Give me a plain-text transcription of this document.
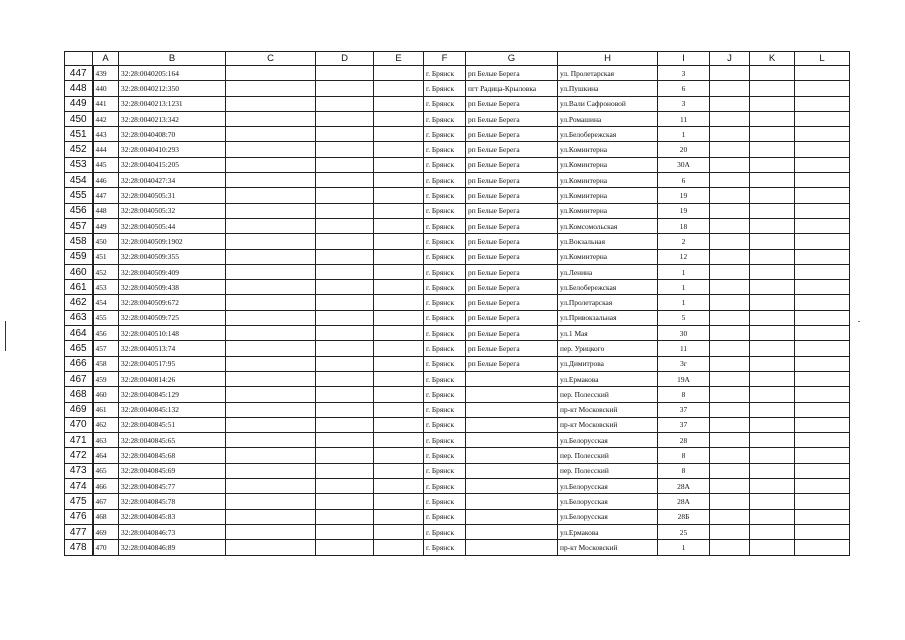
	A	B	C	D	E	F	G	H	I	J	K	L
447	439	32:28:0040205:164				г. Брянск	рп Белые Берега	ул. Пролетарская	3			
448	440	32:28:0040212:350				г. Брянск	пгт Радица-Крыловка	ул.Пушкина	6			
449	441	32:28:0040213:1231				г. Брянск	рп Белые Берега	ул.Вали Сафроновой	3			
450	442	32:28:0040213:342				г. Брянск	рп Белые Берега	ул.Ромашина	11			
451	443	32:28:0040408:70				г. Брянск	рп Белые Берега	ул.Белобережская	1			
452	444	32:28:0040410:293				г. Брянск	рп Белые Берега	ул.Коминтерна	20			
453	445	32:28:0040415:205				г. Брянск	рп Белые Берега	ул.Коминтерна	30А			
454	446	32:28:0040427:34				г. Брянск	рп Белые Берега	ул.Коминтерна	6			
455	447	32:28:0040505:31				г. Брянск	рп Белые Берега	ул.Коминтерна	19			
456	448	32:28:0040505:32				г. Брянск	рп Белые Берега	ул.Коминтерна	19			
457	449	32:28:0040505:44				г. Брянск	рп Белые Берега	ул.Комсомольская	18			
458	450	32:28:0040509:1902				г. Брянск	рп Белые Берега	ул.Вокзальная	2			
459	451	32:28:0040509:355				г. Брянск	рп Белые Берега	ул.Коминтерна	12			
460	452	32:28:0040509:409				г. Брянск	рп Белые Берега	ул.Ленина	1			
461	453	32:28:0040509:438				г. Брянск	рп Белые Берега	ул.Белобережская	1			
462	454	32:28:0040509:672				г. Брянск	рп Белые Берега	ул.Пролетарская	1			
463	455	32:28:0040509:725				г. Брянск	рп Белые Берега	ул.Привокзальная	5			
464	456	32:28:0040510:148				г. Брянск	рп Белые Берега	ул.1 Мая	30			
465	457	32:28:0040513:74				г. Брянск	рп Белые Берега	пер. Урицкого	11			
466	458	32:28:0040517:95				г. Брянск	рп Белые Берега	ул.Димитрова	3г			
467	459	32:28:0040814:26				г. Брянск		ул.Ермакова	19А			
468	460	32:28:0040845:129				г. Брянск		пер. Полесский	8			
469	461	32:28:0040845:132				г. Брянск		пр-кт Московский	37			
470	462	32:28:0040845:51				г. Брянск		пр-кт Московский	37			
471	463	32:28:0040845:65				г. Брянск		ул.Белорусская	28			
472	464	32:28:0040845:68				г. Брянск		пер. Полесский	8			
473	465	32:28:0040845:69				г. Брянск		пер. Полесский	8			
474	466	32:28:0040845:77				г. Брянск		ул.Белорусская	28А			
475	467	32:28:0040845:78				г. Брянск		ул.Белорусская	28А			
476	468	32:28:0040845:83				г. Брянск		ул.Белорусская	28Б			
477	469	32:28:0040846:73				г. Брянск		ул.Ермакова	25			
478	470	32:28:0040846:89				г. Брянск		пр-кт Московский	1			
